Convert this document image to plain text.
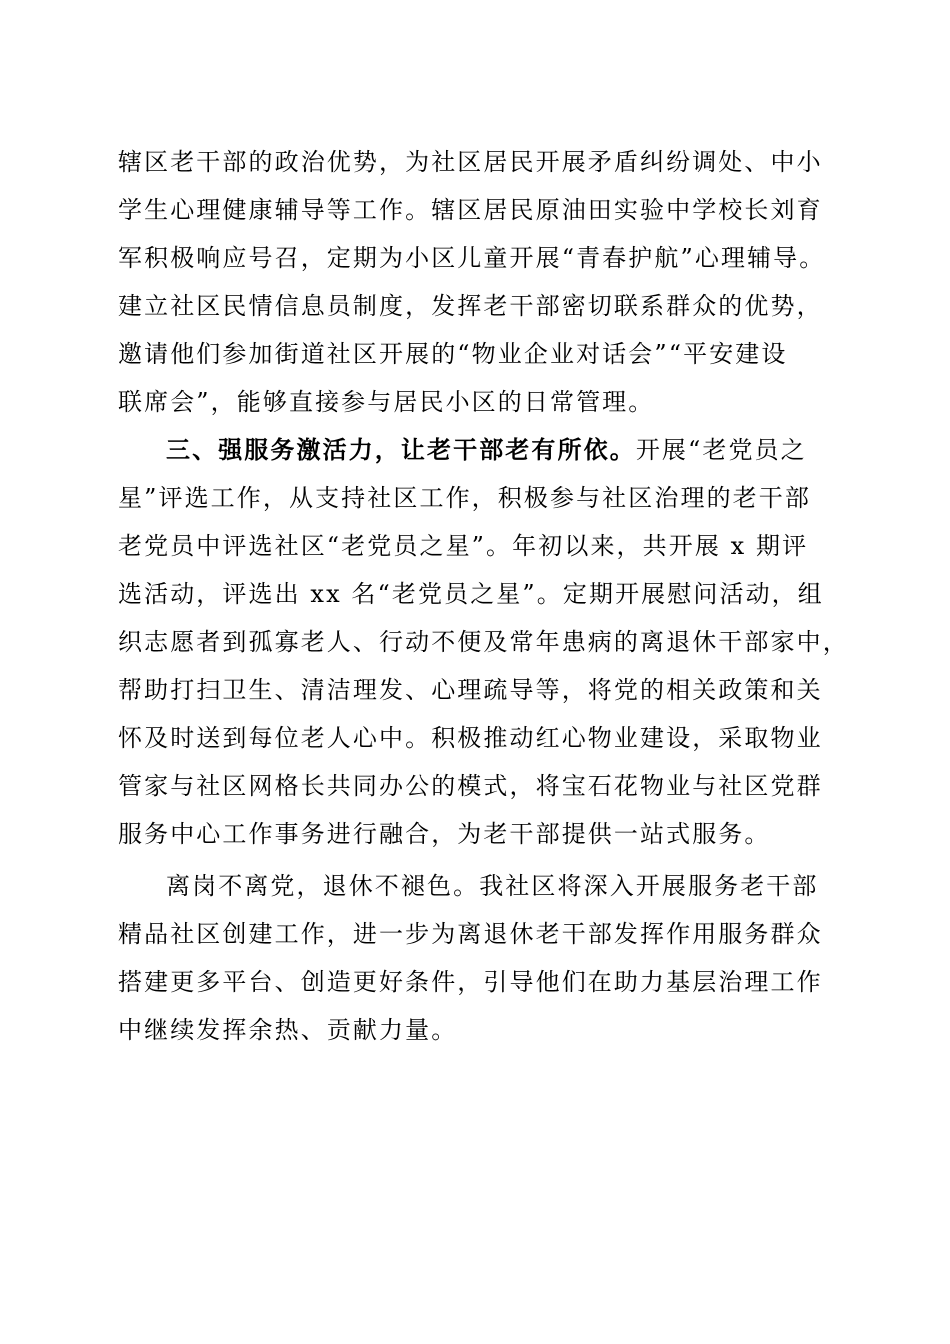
辖区老干部的政治优势，为社区居民开展矛盾纠纷调处、中小
学生心理健康辅导等工作。辖区居民原油田实验中学校长刘育
军积极响应号召，定期为小区儿童开展“青春护航”心理辅导。
建立社区民情信息员制度，发挥老干部密切联系群众的优势，
邀请他们参加街道社区开展的“物业企业对话会”“平安建设
联席会”，能够直接参与居民小区的日常管理。
三、强服务激活力，让老干部老有所依。开展“老党员之
星”评选工作，从支持社区工作，积极参与社区治理的老干部
老党员中评选社区“老党员之星”。年初以来，共开展 x 期评
选活动，评选出 xx 名“老党员之星”。定期开展慰问活动，组
织志愿者到孤寡老人、行动不便及常年患病的离退休干部家中，
帮助打扫卫生、清洁理发、心理疏导等，将党的相关政策和关
怀及时送到每位老人心中。积极推动红心物业建设，采取物业
管家与社区网格长共同办公的模式，将宝石花物业与社区党群
服务中心工作事务进行融合，为老干部提供一站式服务。
离岗不离党，退休不褪色。我社区将深入开展服务老干部
精品社区创建工作，进一步为离退休老干部发挥作用服务群众
搭建更多平台、创造更好条件，引导他们在助力基层治理工作
中继续发挥余热、贡献力量。
